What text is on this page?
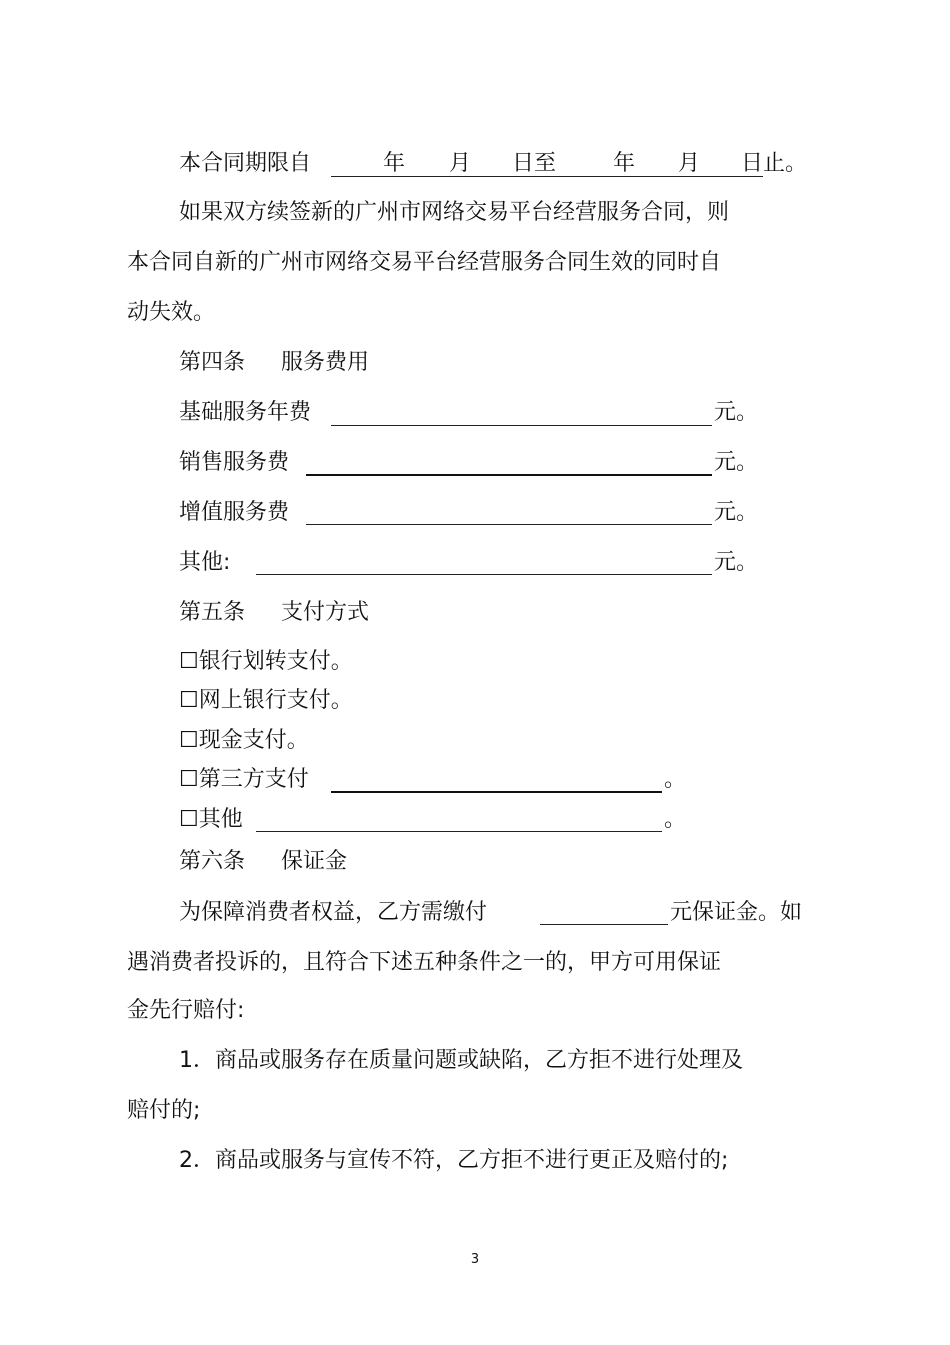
本合同期限自	年 月 日至	年 月 日止。
如果双方续签新的广州市网络交易平台经营服务合同，则
本合同自新的广州市网络交易平台经营服务合同生效的同时自
动失效。
第四条 服务费用
基础服务年费	元。
销售服务费	元。
增值服务费	元。
其他:	元。
第五条 支付方式
☐银行划转支付。
☐网上银行支付。
☐现金支付。
☐第三方支付	。
☐其他	。
第六条 保证金
为保障消费者权益，乙方需缴付	元保证金。如
遇消费者投诉的，且符合下述五种条件之一的，甲方可用保证
金先行赔付:
1．商品或服务存在质量问题或缺陷，乙方拒不进行处理及
赔付的;
2．商品或服务与宣传不符，乙方拒不进行更正及赔付的;
3
